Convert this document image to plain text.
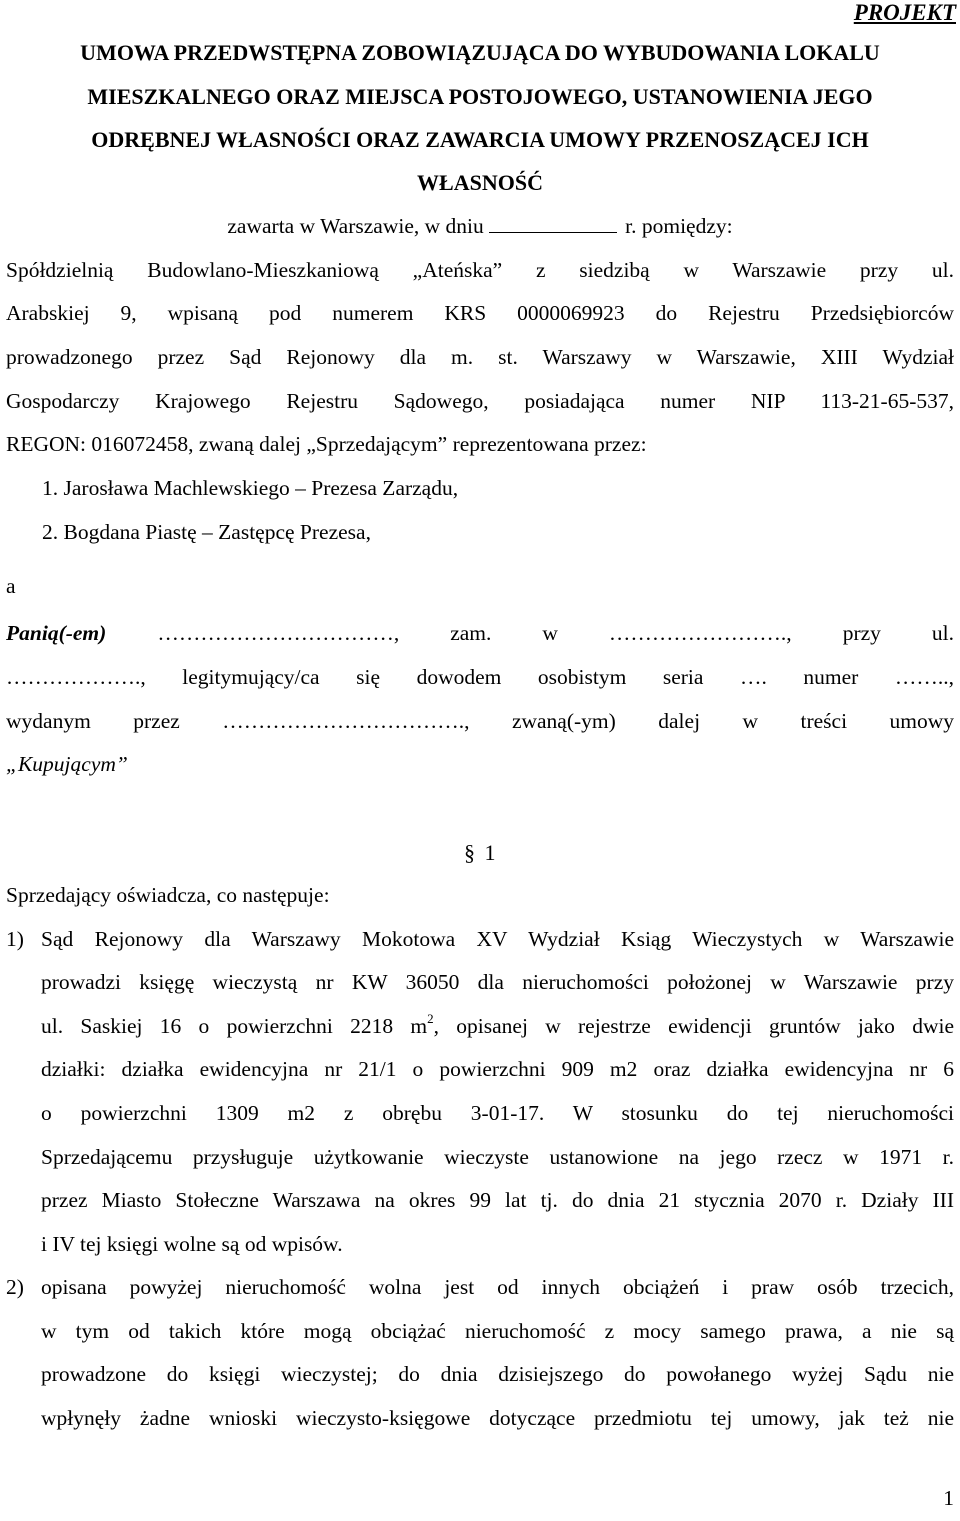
PROJEKT
UMOWA PRZEDWSTĘPNA ZOBOWIĄZUJĄCA DO WYBUDOWANIA LOKALU
MIESZKALNEGO ORAZ MIEJSCA POSTOJOWEGO, USTANOWIENIA JEGO
ODRĘBNEJ WŁASNOŚCI ORAZ ZAWARCIA UMOWY PRZENOSZĄCEJ ICH
WŁASNOŚĆ
zawarta w Warszawie, w dniu	r. pomiędzy:
Spółdzielnią Budowlano-Mieszkaniową „Ateńska” z siedzibą w Warszawie przy ul.
Arabskiej 9, wpisaną pod numerem KRS 0000069923 do Rejestru Przedsiębiorców
prowadzonego przez Sąd Rejonowy dla m. st. Warszawy w Warszawie, XIII Wydział
Gospodarczy Krajowego Rejestru Sądowego, posiadająca numer NIP 113-21-65-537,
REGON: 016072458, zwaną dalej „Sprzedającym” reprezentowana przez:
1. Jarosława Machlewskiego – Prezesa Zarządu,
2. Bogdana Piastę – Zastępcę Prezesa,
a
Panią(-em) ……………………………, zam. w ……………………., przy ul.
………………., legitymujący/ca się dowodem osobistym seria …. numer ……..,
wydanym przez ……………………………., zwaną(-ym) dalej w treści umowy
„Kupującym”
§ 1
Sprzedający oświadcza, co następuje:
1) Sąd Rejonowy dla Warszawy Mokotowa XV Wydział Ksiąg Wieczystych w Warszawie
prowadzi księgę wieczystą nr KW 36050 dla nieruchomości położonej w Warszawie przy
ul. Saskiej 16 o powierzchni 2218 $m^2$, opisanej w rejestrze ewidencji gruntów jako dwie
działki: działka ewidencyjna nr 21/1 o powierzchni 909 m2 oraz działka ewidencyjna nr 6
o powierzchni 1309 m2 z obrębu 3-01-17. W stosunku do tej nieruchomości
Sprzedającemu przysługuje użytkowanie wieczyste ustanowione na jego rzecz w 1971 r.
przez Miasto Stołeczne Warszawa na okres 99 lat tj. do dnia 21 stycznia 2070 r. Działy III
i IV tej księgi wolne są od wpisów.
2) opisana powyżej nieruchomość wolna jest od innych obciążeń i praw osób trzecich,
w tym od takich które mogą obciążać nieruchomość z mocy samego prawa, a nie są
prowadzone do księgi wieczystej; do dnia dzisiejszego do powołanego wyżej Sądu nie
wpłynęły żadne wnioski wieczysto-księgowe dotyczące przedmiotu tej umowy, jak też nie
1
